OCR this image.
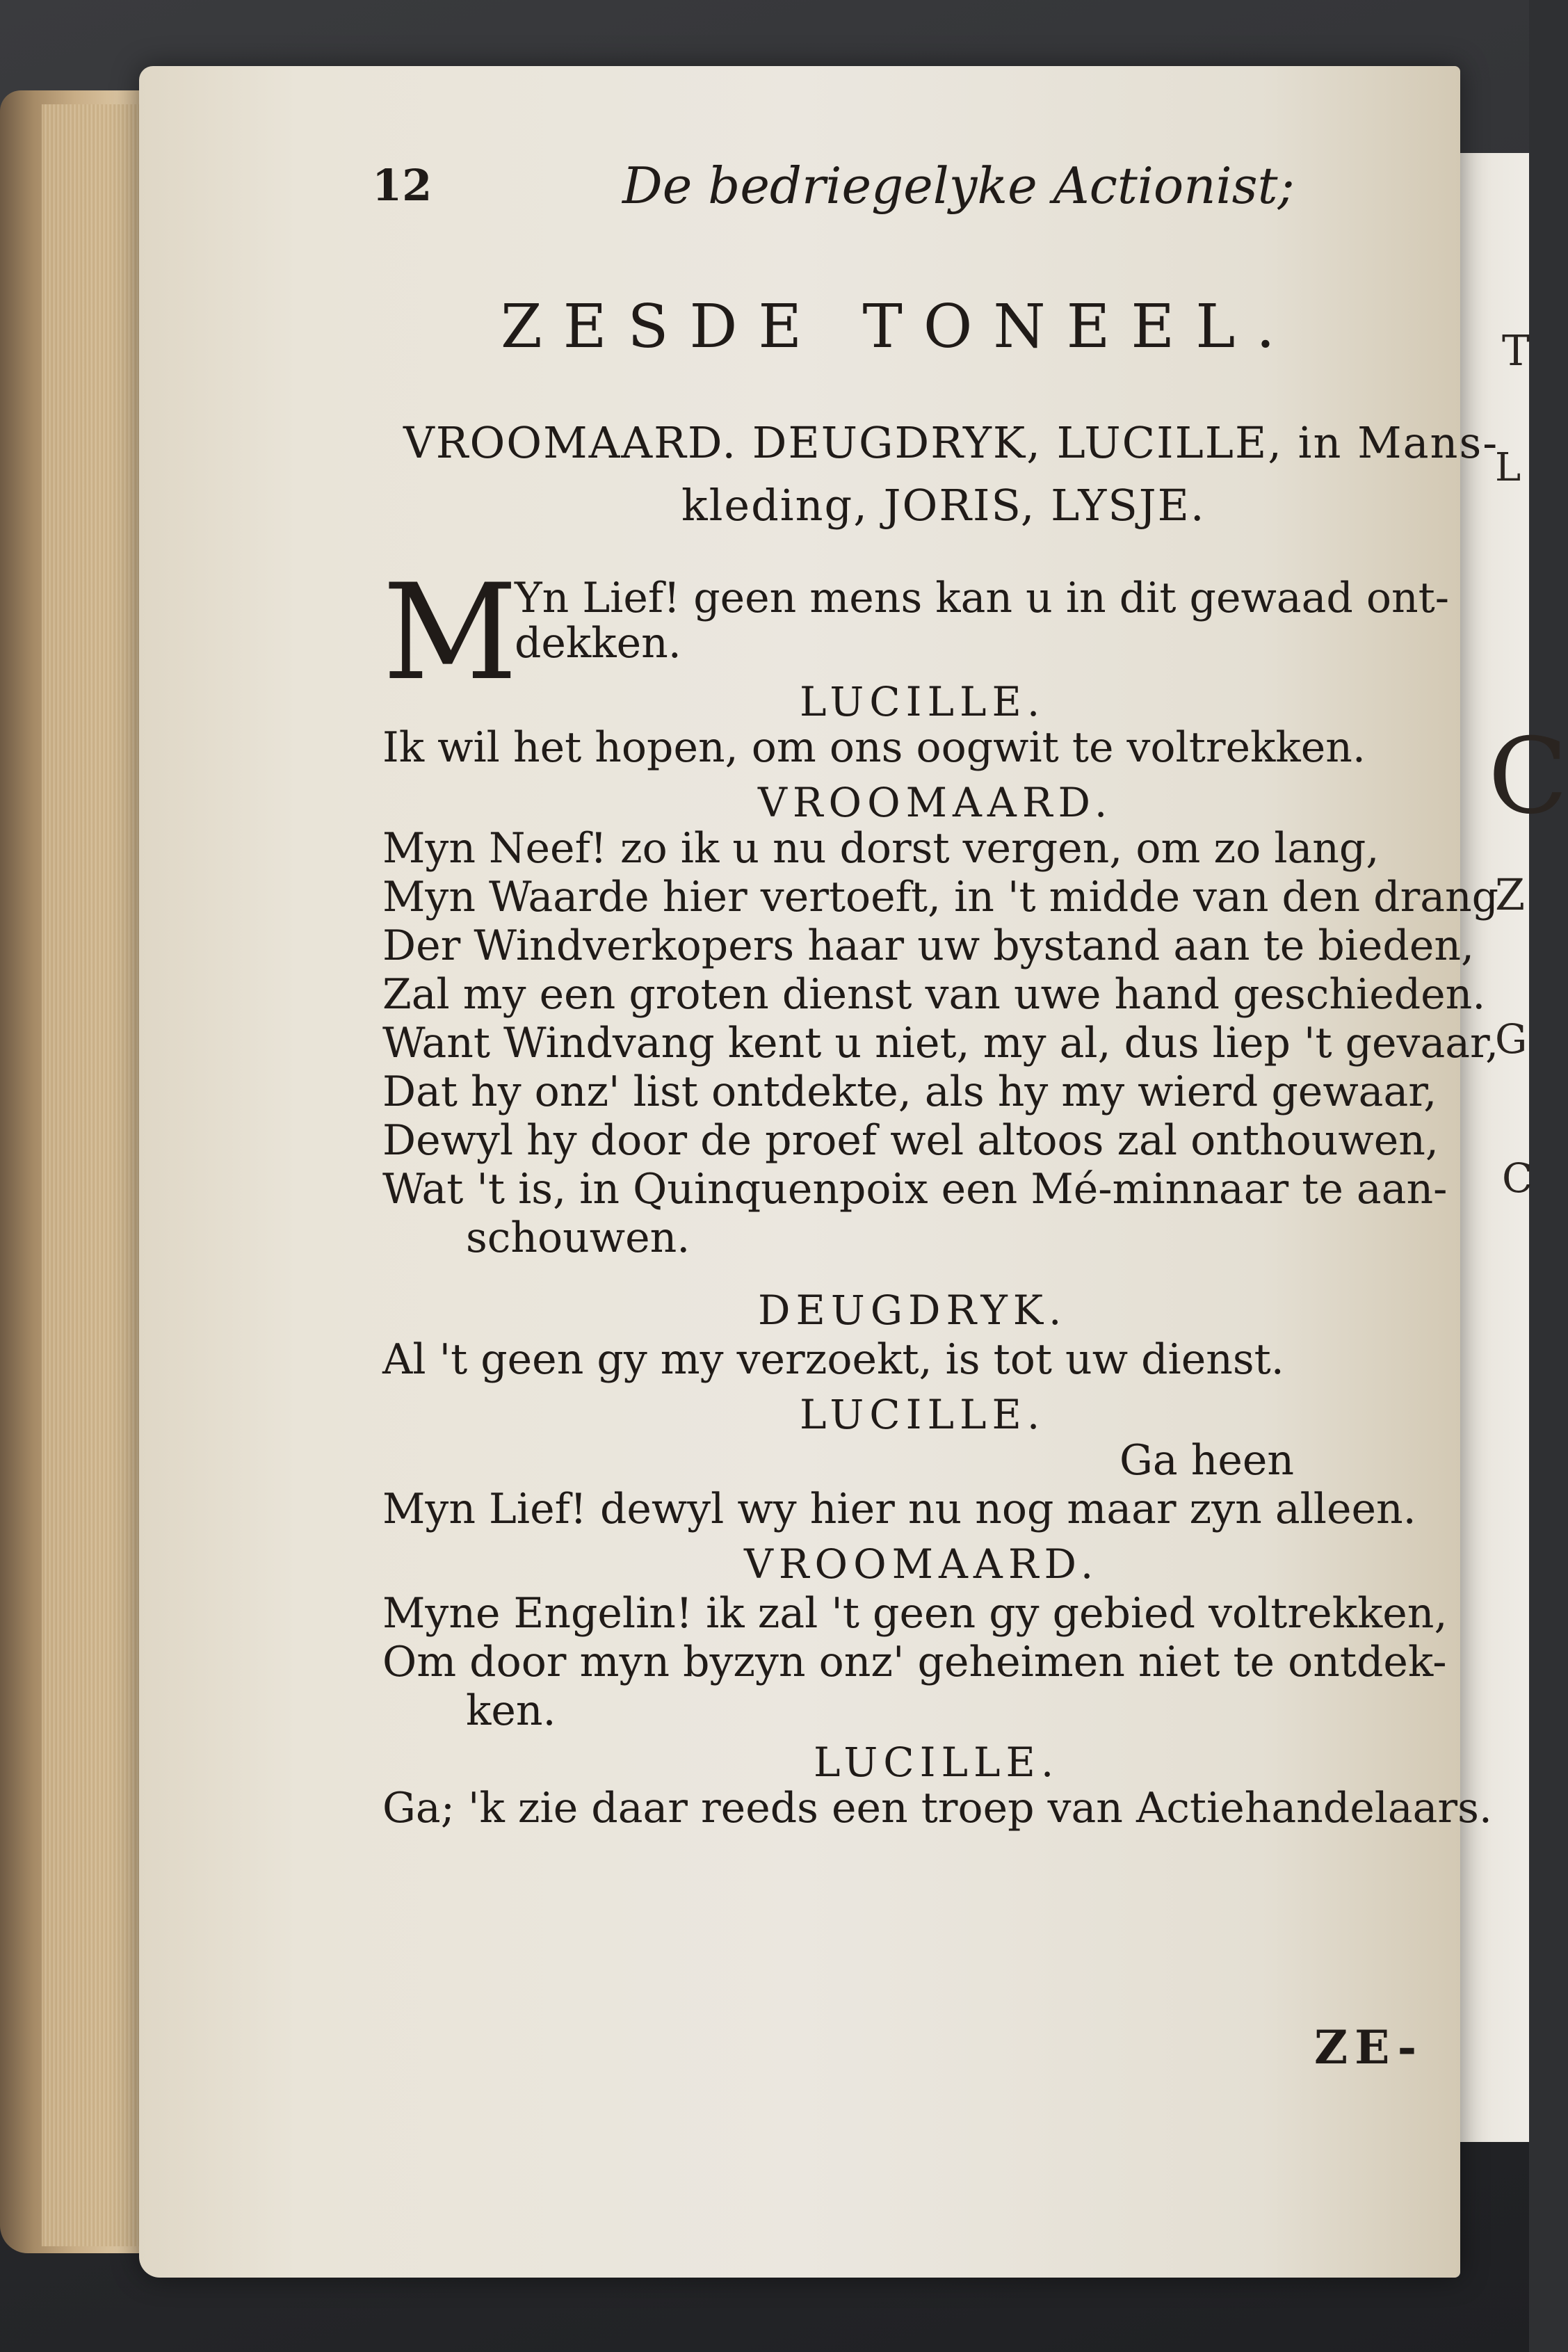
T
L
C
Z
G
C
12	De bedriegelyke Actionist;
ZESDE TONEEL.
VROOMAARD. DEUGDRYK, LUCILLE, in Mans-
kleding, JORIS, LYSJE.
M
Yn Lief! geen mens kan u in dit gewaad ont-
dekken.
LUCILLE.
Ik wil het hopen, om ons oogwit te voltrekken.
VROOMAARD.
Myn Neef! zo ik u nu dorst vergen, om zo lang,
Myn Waarde hier vertoeft, in 't midde van den drang
Der Windverkopers haar uw bystand aan te bieden,
Zal my een groten dienst van uwe hand geschieden.
Want Windvang kent u niet, my al, dus liep 't gevaar,
Dat hy onz' list ontdekte, als hy my wierd gewaar,
Dewyl hy door de proef wel altoos zal onthouwen,
Wat 't is, in Quinquenpoix een Mé-minnaar te aan-
schouwen.
DEUGDRYK.
Al 't geen gy my verzoekt, is tot uw dienst.
LUCILLE.
Ga heen
Myn Lief! dewyl wy hier nu nog maar zyn alleen.
VROOMAARD.
Myne Engelin! ik zal 't geen gy gebied voltrekken,
Om door myn byzyn onz' geheimen niet te ontdek-
ken.
LUCILLE.
Ga; 'k zie daar reeds een troep van Actiehandelaars.
ZE-
